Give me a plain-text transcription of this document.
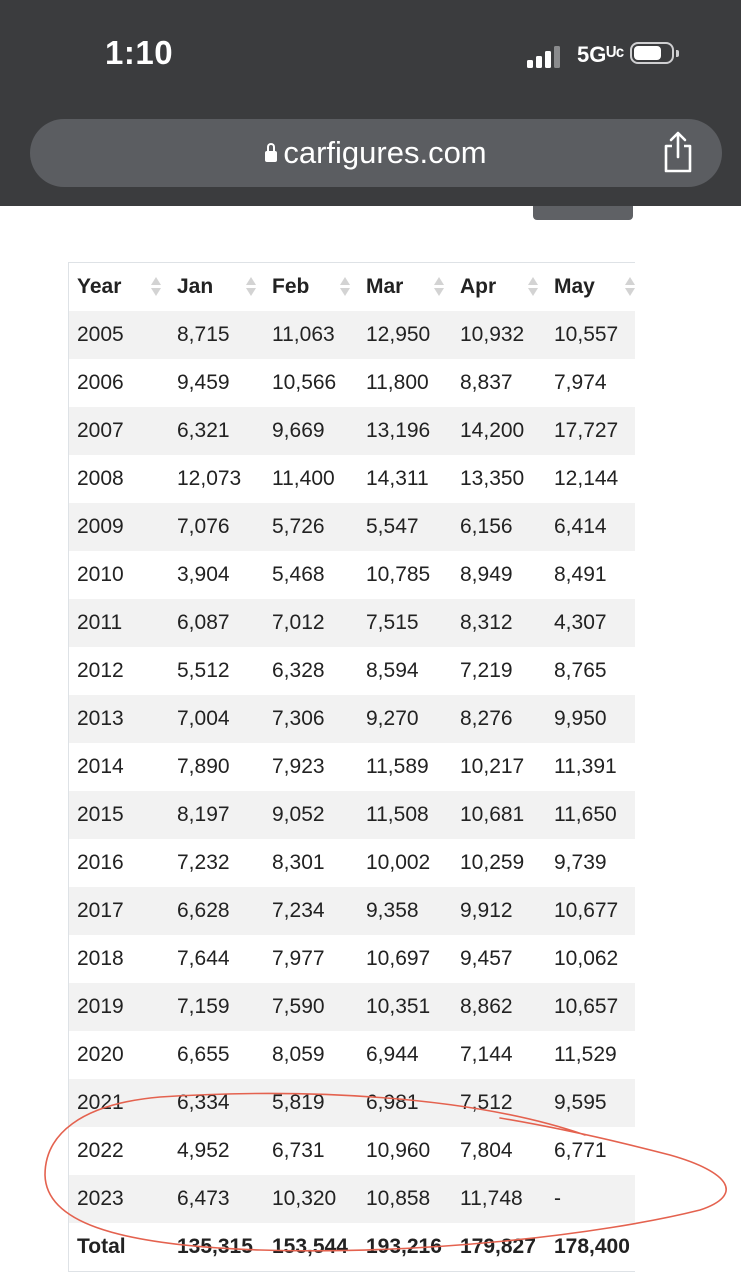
1:10	5Gᵁᶜ
carfigures.com
Year	Jan	Feb	Mar	Apr	May

2005	8,715	11,063	12,950	10,932	10,557
2006	9,459	10,566	11,800	8,837	7,974
2007	6,321	9,669	13,196	14,200	17,727
2008	12,073	11,400	14,311	13,350	12,144
2009	7,076	5,726	5,547	6,156	6,414
2010	3,904	5,468	10,785	8,949	8,491
2011	6,087	7,012	7,515	8,312	4,307
2012	5,512	6,328	8,594	7,219	8,765
2013	7,004	7,306	9,270	8,276	9,950
2014	7,890	7,923	11,589	10,217	11,391
2015	8,197	9,052	11,508	10,681	11,650
2016	7,232	8,301	10,002	10,259	9,739
2017	6,628	7,234	9,358	9,912	10,677
2018	7,644	7,977	10,697	9,457	10,062
2019	7,159	7,590	10,351	8,862	10,657
2020	6,655	8,059	6,944	7,144	11,529
2021	6,334	5,819	6,981	7,512	9,595
2022	4,952	6,731	10,960	7,804	6,771
2023	6,473	10,320	10,858	11,748	-
Total	135,315	153,544	193,216	179,827	178,400
